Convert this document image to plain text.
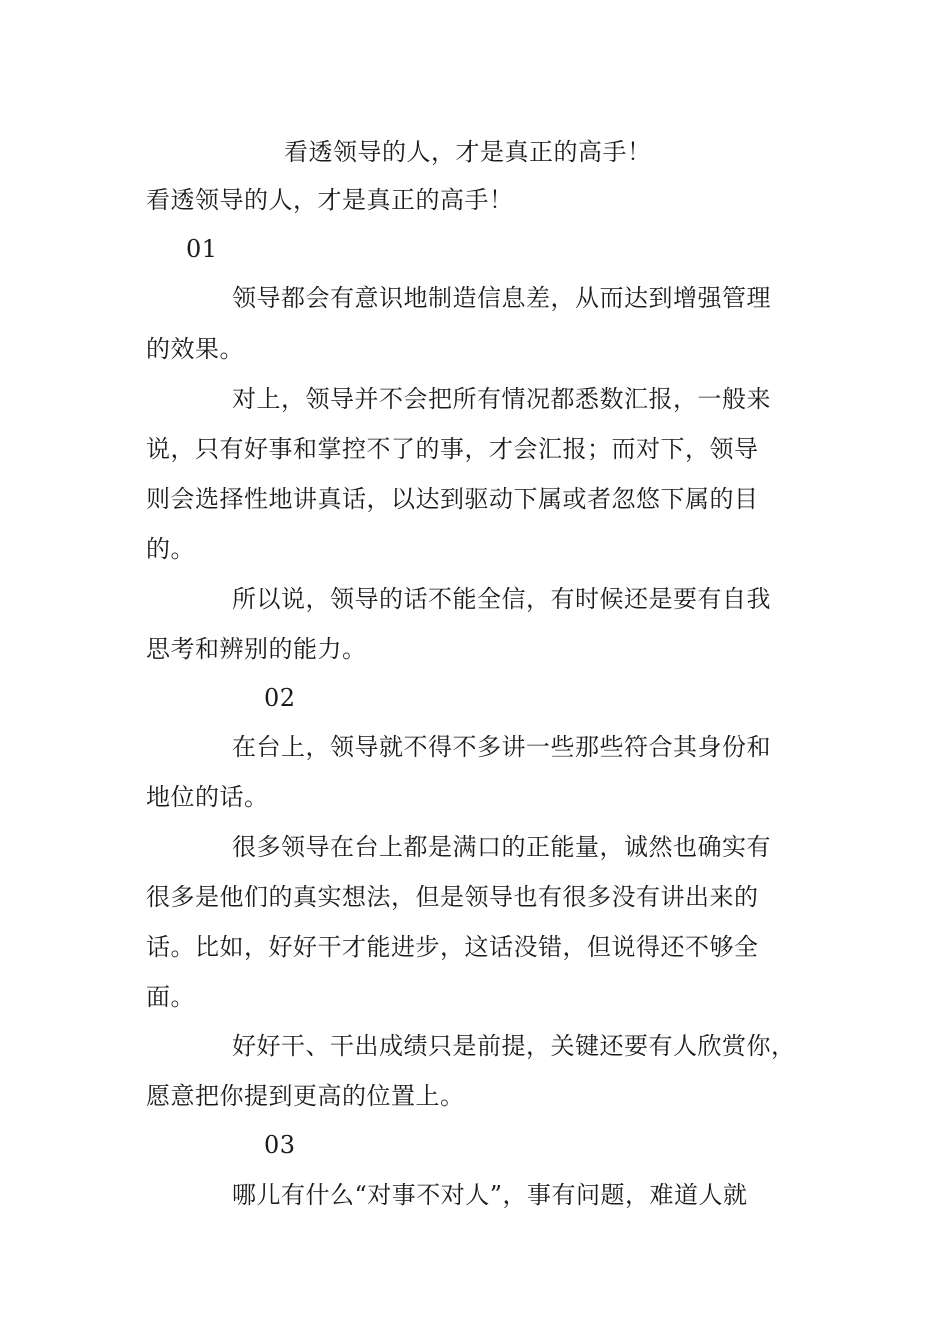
看透领导的人，才是真正的高手！
看透领导的人，才是真正的高手！
01
领导都会有意识地制造信息差，从而达到增强管理
的效果。
对上，领导并不会把所有情况都悉数汇报，一般来
说，只有好事和掌控不了的事，才会汇报；而对下，领导
则会选择性地讲真话，以达到驱动下属或者忽悠下属的目
的。
所以说，领导的话不能全信，有时候还是要有自我
思考和辨别的能力。
02
在台上，领导就不得不多讲一些那些符合其身份和
地位的话。
很多领导在台上都是满口的正能量，诚然也确实有
很多是他们的真实想法，但是领导也有很多没有讲出来的
话。比如，好好干才能进步，这话没错，但说得还不够全
面。
好好干、干出成绩只是前提，关键还要有人欣赏你，
愿意把你提到更高的位置上。
03
哪儿有什么“对事不对人”，事有问题，难道人就
